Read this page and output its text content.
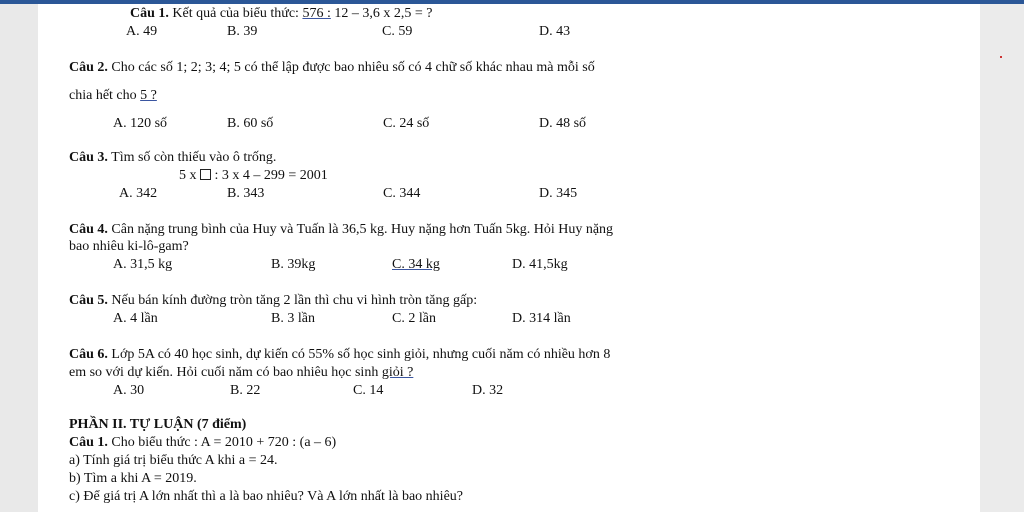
Câu 1. Kết quả của biểu thức: 576 : 12 – 3,6 x 2,5 = ?
A. 49	B. 39	C. 59	D. 43
Câu 2. Cho các số 1; 2; 3; 4; 5 có thể lập được bao nhiêu số có 4 chữ số khác nhau mà mỗi số
chia hết cho 5 ?
A. 120 số	B. 60 số	C. 24 số	D. 48 số
Câu 3. Tìm số còn thiếu vào ô trống.
5 x  : 3 x 4 – 299 = 2001
A. 342	B. 343	C. 344	D. 345
Câu 4. Cân nặng trung bình của Huy và Tuấn là 36,5 kg. Huy nặng hơn Tuấn 5kg. Hỏi Huy nặng
bao nhiêu ki-lô-gam?
A. 31,5 kg	B. 39kg	C. 34 kg	D. 41,5kg
Câu 5. Nếu bán kính đường tròn tăng 2 lần thì chu vi hình tròn tăng gấp:
A. 4 lần	B. 3 lần	C. 2 lần	D. 314 lần
Câu 6. Lớp 5A có 40 học sinh, dự kiến có 55% số học sinh giỏi, nhưng cuối năm có nhiều hơn 8
em so với dự kiến. Hỏi cuối năm có bao nhiêu học sinh giỏi ?
A. 30	B. 22	C. 14	D. 32
PHẦN II. TỰ LUẬN (7 điểm)
Câu 1. Cho biểu thức : A = 2010 + 720 : (a – 6)
a) Tính giá trị biểu thức A khi a = 24.
b) Tìm a khi A = 2019.
c) Để giá trị A lớn nhất thì a là bao nhiêu? Và A lớn nhất là bao nhiêu?
